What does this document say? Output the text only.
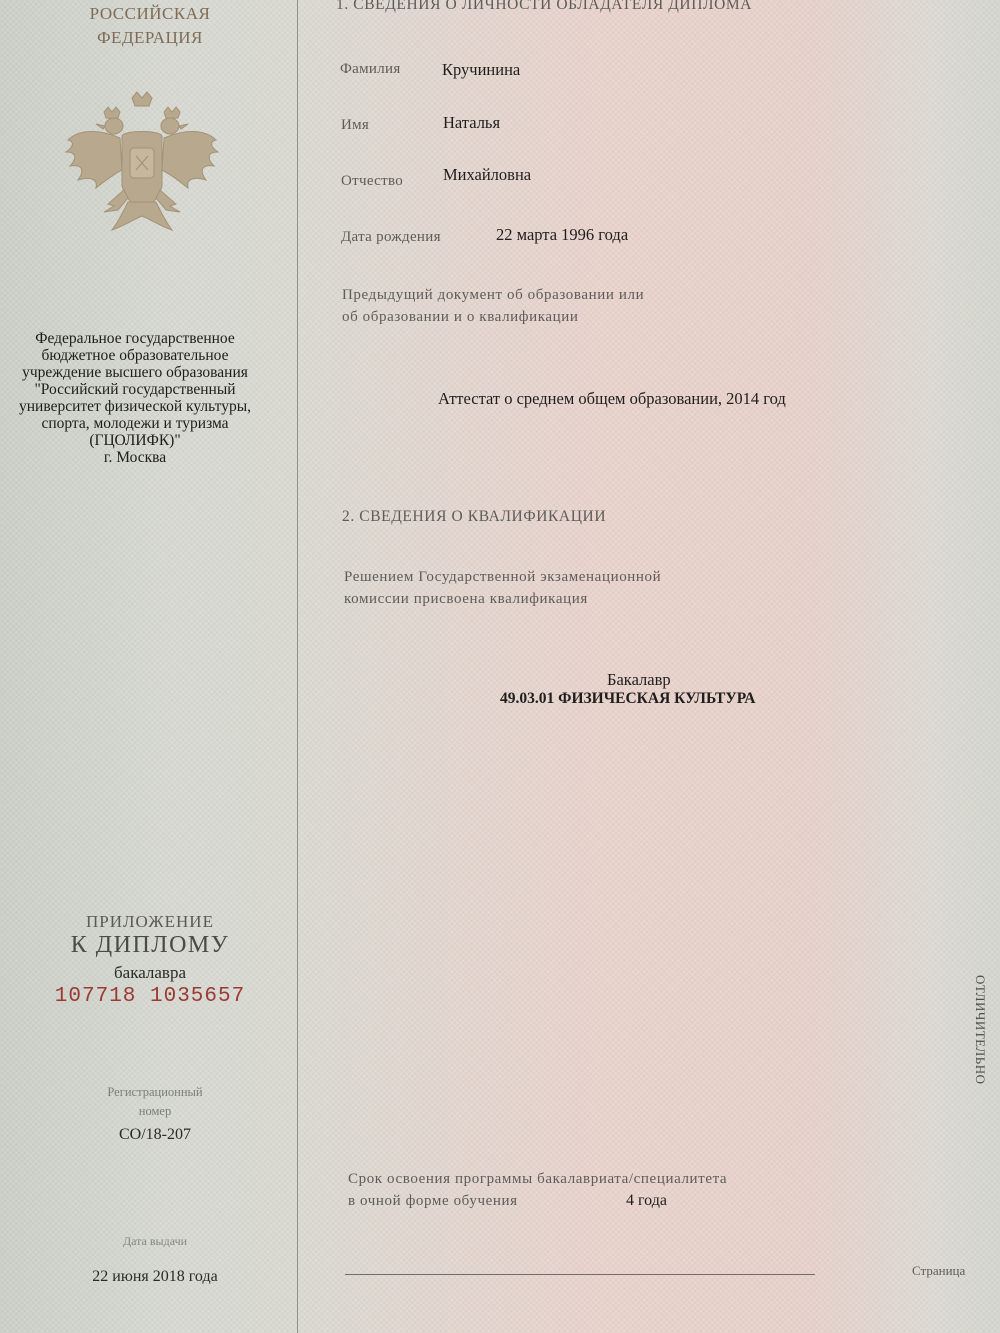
РОССИЙСКАЯ
ФЕДЕРАЦИЯ
Федеральное государственное
бюджетное образовательное
учреждение высшего образования
"Российский государственный
университет физической культуры,
спорта, молодежи и туризма
(ГЦОЛИФК)"
г. Москва
ПРИЛОЖЕНИЕ
К ДИПЛОМУ
бакалавра
107718 1035657
Регистрационный
номер
СО/18-207
Дата выдачи
22 июня 2018 года
1. СВЕДЕНИЯ О ЛИЧНОСТИ ОБЛАДАТЕЛЯ ДИПЛОМА
Фамилия	Кручинина
Имя	Наталья
Отчество Михайловна
Дата рождения	22 марта 1996 года
Предыдущий документ об образовании или
об образовании и о квалификации
Аттестат о среднем общем образовании, 2014 год
2. СВЕДЕНИЯ О КВАЛИФИКАЦИИ
Решением Государственной экзаменационной
комиссии присвоена квалификация
Бакалавр
49.03.01 ФИЗИЧЕСКАЯ КУЛЬТУРА
Срок освоения программы бакалавриата/специалитета
в очной форме обучения	4 года
Страница
ОТЛИЧИТЕЛЬНО
